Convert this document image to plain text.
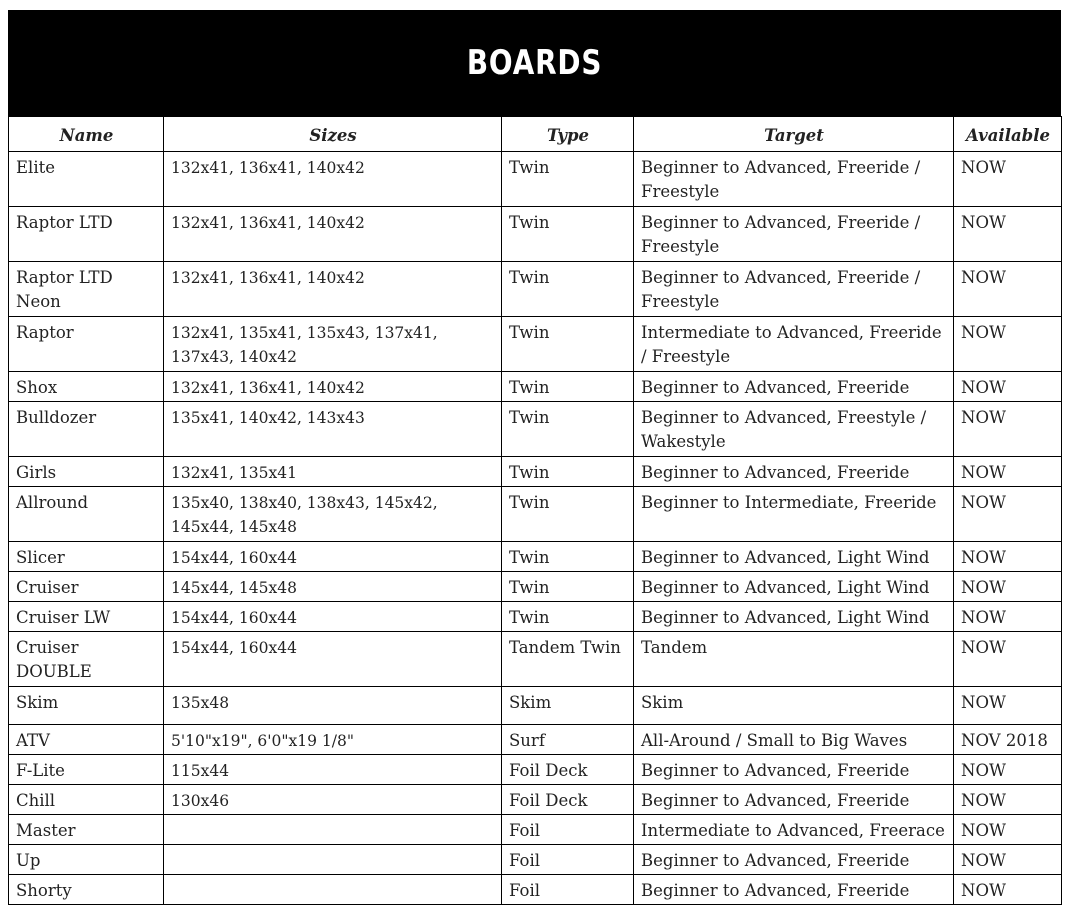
BOARDS
Name	Sizes	Type	Target	Available
Elite	132x41, 136x41, 140x42	Twin	Beginner to Advanced, Freeride / Freestyle	NOW
Raptor LTD	132x41, 136x41, 140x42	Twin	Beginner to Advanced, Freeride / Freestyle	NOW
Raptor LTD Neon	132x41, 136x41, 140x42	Twin	Beginner to Advanced, Freeride / Freestyle	NOW
Raptor	132x41, 135x41, 135x43, 137x41, 137x43, 140x42	Twin	Intermediate to Advanced, Freeride / Freestyle	NOW
Shox	132x41, 136x41, 140x42	Twin	Beginner to Advanced, Freeride	NOW
Bulldozer	135x41, 140x42, 143x43	Twin	Beginner to Advanced, Freestyle / Wakestyle	NOW
Girls	132x41, 135x41	Twin	Beginner to Advanced, Freeride	NOW
Allround	135x40, 138x40, 138x43, 145x42, 145x44, 145x48	Twin	Beginner to Intermediate, Freeride	NOW
Slicer	154x44, 160x44	Twin	Beginner to Advanced, Light Wind	NOW
Cruiser	145x44, 145x48	Twin	Beginner to Advanced, Light Wind	NOW
Cruiser LW	154x44, 160x44	Twin	Beginner to Advanced, Light Wind	NOW
Cruiser DOUBLE	154x44, 160x44	Tandem Twin	Tandem	NOW
Skim	135x48	Skim	Skim	NOW
ATV	5'10"x19", 6'0"x19 1/8"	Surf	All-Around / Small to Big Waves	NOV 2018
F-Lite	115x44	Foil Deck	Beginner to Advanced, Freeride	NOW
Chill	130x46	Foil Deck	Beginner to Advanced, Freeride	NOW
Master		Foil	Intermediate to Advanced, Freerace	NOW
Up		Foil	Beginner to Advanced, Freeride	NOW
Shorty		Foil	Beginner to Advanced, Freeride	NOW
